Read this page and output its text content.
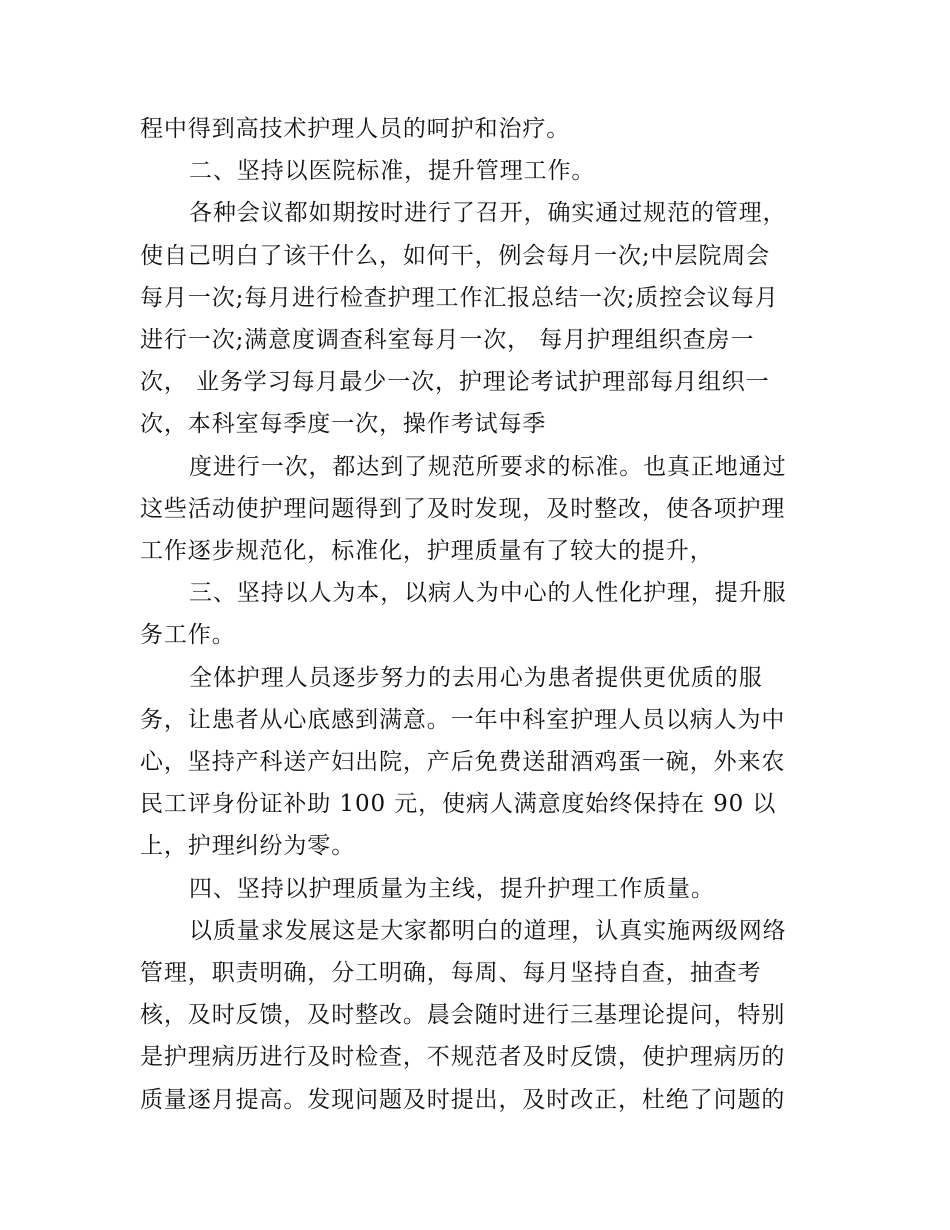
程中得到高技术护理人员的呵护和治疗。
二、坚持以医院标准，提升管理工作。
各种会议都如期按时进行了召开，确实通过规范的管理，
使自己明白了该干什么，如何干，例会每月一次;中层院周会
每月一次;每月进行检查护理工作汇报总结一次;质控会议每月
进行一次;满意度调查科室每月一次， 每月护理组织查房一
次， 业务学习每月最少一次，护理论考试护理部每月组织一
次，本科室每季度一次，操作考试每季
度进行一次，都达到了规范所要求的标准。也真正地通过
这些活动使护理问题得到了及时发现，及时整改，使各项护理
工作逐步规范化，标准化，护理质量有了较大的提升，
三、坚持以人为本，以病人为中心的人性化护理，提升服
务工作。
全体护理人员逐步努力的去用心为患者提供更优质的服
务，让患者从心底感到满意。一年中科室护理人员以病人为中
心，坚持产科送产妇出院，产后免费送甜酒鸡蛋一碗，外来农
民工评身份证补助 100 元，使病人满意度始终保持在 90 以
上，护理纠纷为零。
四、坚持以护理质量为主线，提升护理工作质量。
以质量求发展这是大家都明白的道理，认真实施两级网络
管理，职责明确，分工明确，每周、每月坚持自查，抽查考
核，及时反馈，及时整改。晨会随时进行三基理论提问，特别
是护理病历进行及时检查，不规范者及时反馈，使护理病历的
质量逐月提高。发现问题及时提出，及时改正，杜绝了问题的
